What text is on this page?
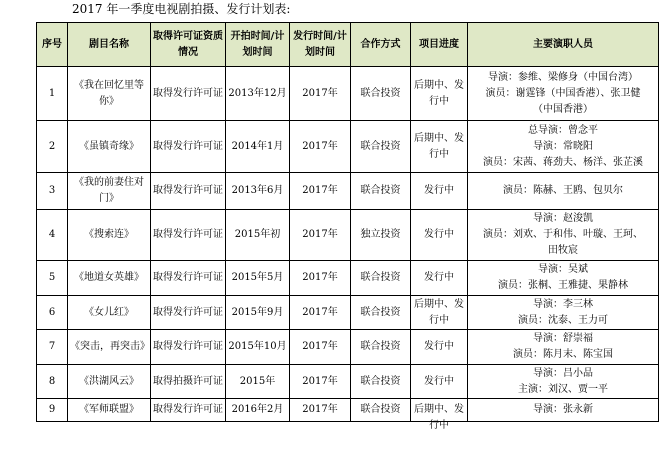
2017 年一季度电视剧拍摄、发行计划表:
序号	剧目名称	取得许可证资质情况	开拍时间/计划时间	发行时间/计划时间	合作方式	项目进度	主要演职人员
1	《我在回忆里等你》	取得发行许可证	2013年12月	2017年	联合投资	后期中、发行中	导演：参维、梁修身（中国台湾）
演员：谢霆锋（中国香港）、张卫健
（中国香港）

2	《虽镇奇缘》	取得发行许可证	2014年1月	2017年	联合投资	后期中、发行中	总导演：曾念平
导演：常晓阳
演员：宋茜、蒋劲夫、杨洋、张芷溪

3	《我的前妻住对门》	取得发行许可证	2013年6月	2017年	联合投资	发行中	演员：陈赫、王鸥、包贝尔

4	《搜索连》	取得发行许可证	2015年初	2017年	独立投资	发行中	导演：赵浚凯
演员：刘欢、于和伟、叶璇、王珂、
田牧宸

5	《地道女英雄》	取得发行许可证	2015年5月	2017年	联合投资	发行中	导演：吴斌
演员：张桐、王雅捷、果静林

6	《女儿红》	取得发行许可证	2015年9月	2017年	联合投资	后期中、发行中	导演：李三林
演员：沈泰、王力可

7	《突击，再突击》	取得发行许可证	2015年10月	2017年	联合投资	发行中	导演：舒崇福
演员：陈月末、陈宝国

8	《洪湖风云》	取得拍摄许可证	2015年	2017年	联合投资	发行中	导演：吕小品
主演：刘汉、贾一平

9	《军师联盟》	取得发行许可证	2016年2月	2017年	联合投资	后期中、发行中	导演：张永新
